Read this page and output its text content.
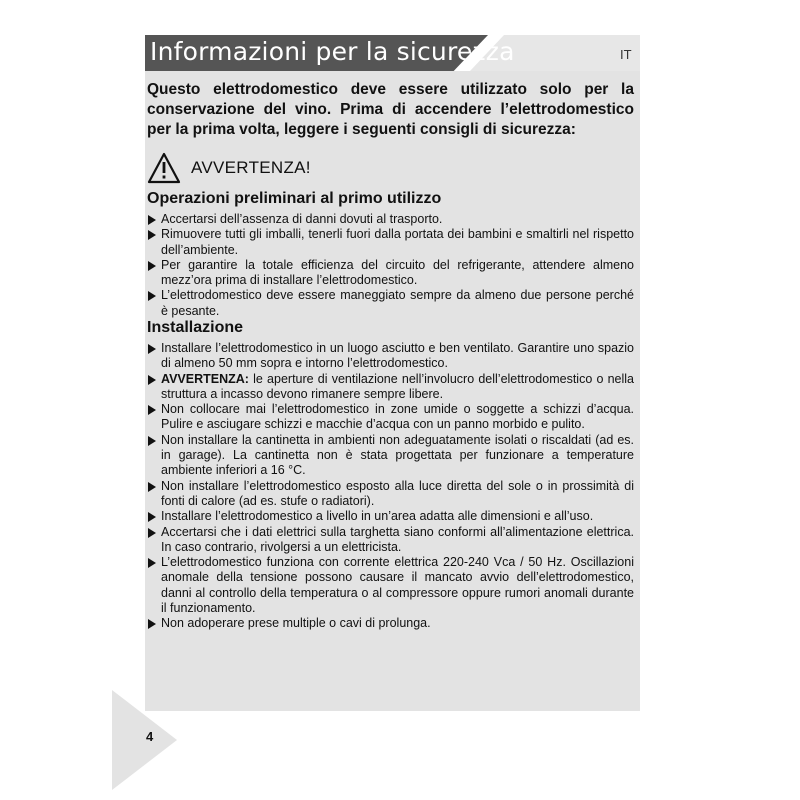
Informazioni per la sicurezza	IT
Questo elettrodomestico deve essere utilizzato solo per la conservazione del vino. Prima di accendere l’elettrodomestico per la prima volta, leggere i seguenti consigli di sicurezza:
AVVERTENZA!
Operazioni preliminari al primo utilizzo
Accertarsi dell’assenza di danni dovuti al trasporto.
Rimuovere tutti gli imballi, tenerli fuori dalla portata dei bambini e smaltirli nel rispetto dell’ambiente.
Per garantire la totale efficienza del circuito del refrigerante, attendere almeno mezz’ora prima di installare l’elettrodomestico.
L’elettrodomestico deve essere maneggiato sempre da almeno due persone perché è pesante.
Installazione
Installare l’elettrodomestico in un luogo asciutto e ben ventilato. Garantire uno spazio di almeno 50 mm sopra e intorno l’elettrodomestico.
AVVERTENZA: le aperture di ventilazione nell’involucro dell’elettrodomestico o nella struttura a incasso devono rimanere sempre libere.
Non collocare mai l’elettrodomestico in zone umide o soggette a schizzi d’acqua. Pulire e asciugare schizzi e macchie d’acqua con un panno morbido e pulito.
Non installare la cantinetta in ambienti non adeguatamente isolati o riscaldati (ad es. in garage). La cantinetta non è stata progettata per funzionare a temperature ambiente inferiori a 16 °C.
Non installare l’elettrodomestico esposto alla luce diretta del sole o in prossimità di fonti di calore (ad es. stufe o radiatori).
Installare l’elettrodomestico a livello in un’area adatta alle dimensioni e all’uso.
Accertarsi che i dati elettrici sulla targhetta siano conformi all’alimentazione elettrica. In caso contrario, rivolgersi a un elettricista.
L’elettrodomestico funziona con corrente elettrica 220-240 Vca / 50 Hz. Oscillazioni anomale della tensione possono causare il mancato avvio dell’elettrodomestico, danni al controllo della temperatura o al compressore oppure rumori anomali durante il funzionamento.
Non adoperare prese multiple o cavi di prolunga.
4
